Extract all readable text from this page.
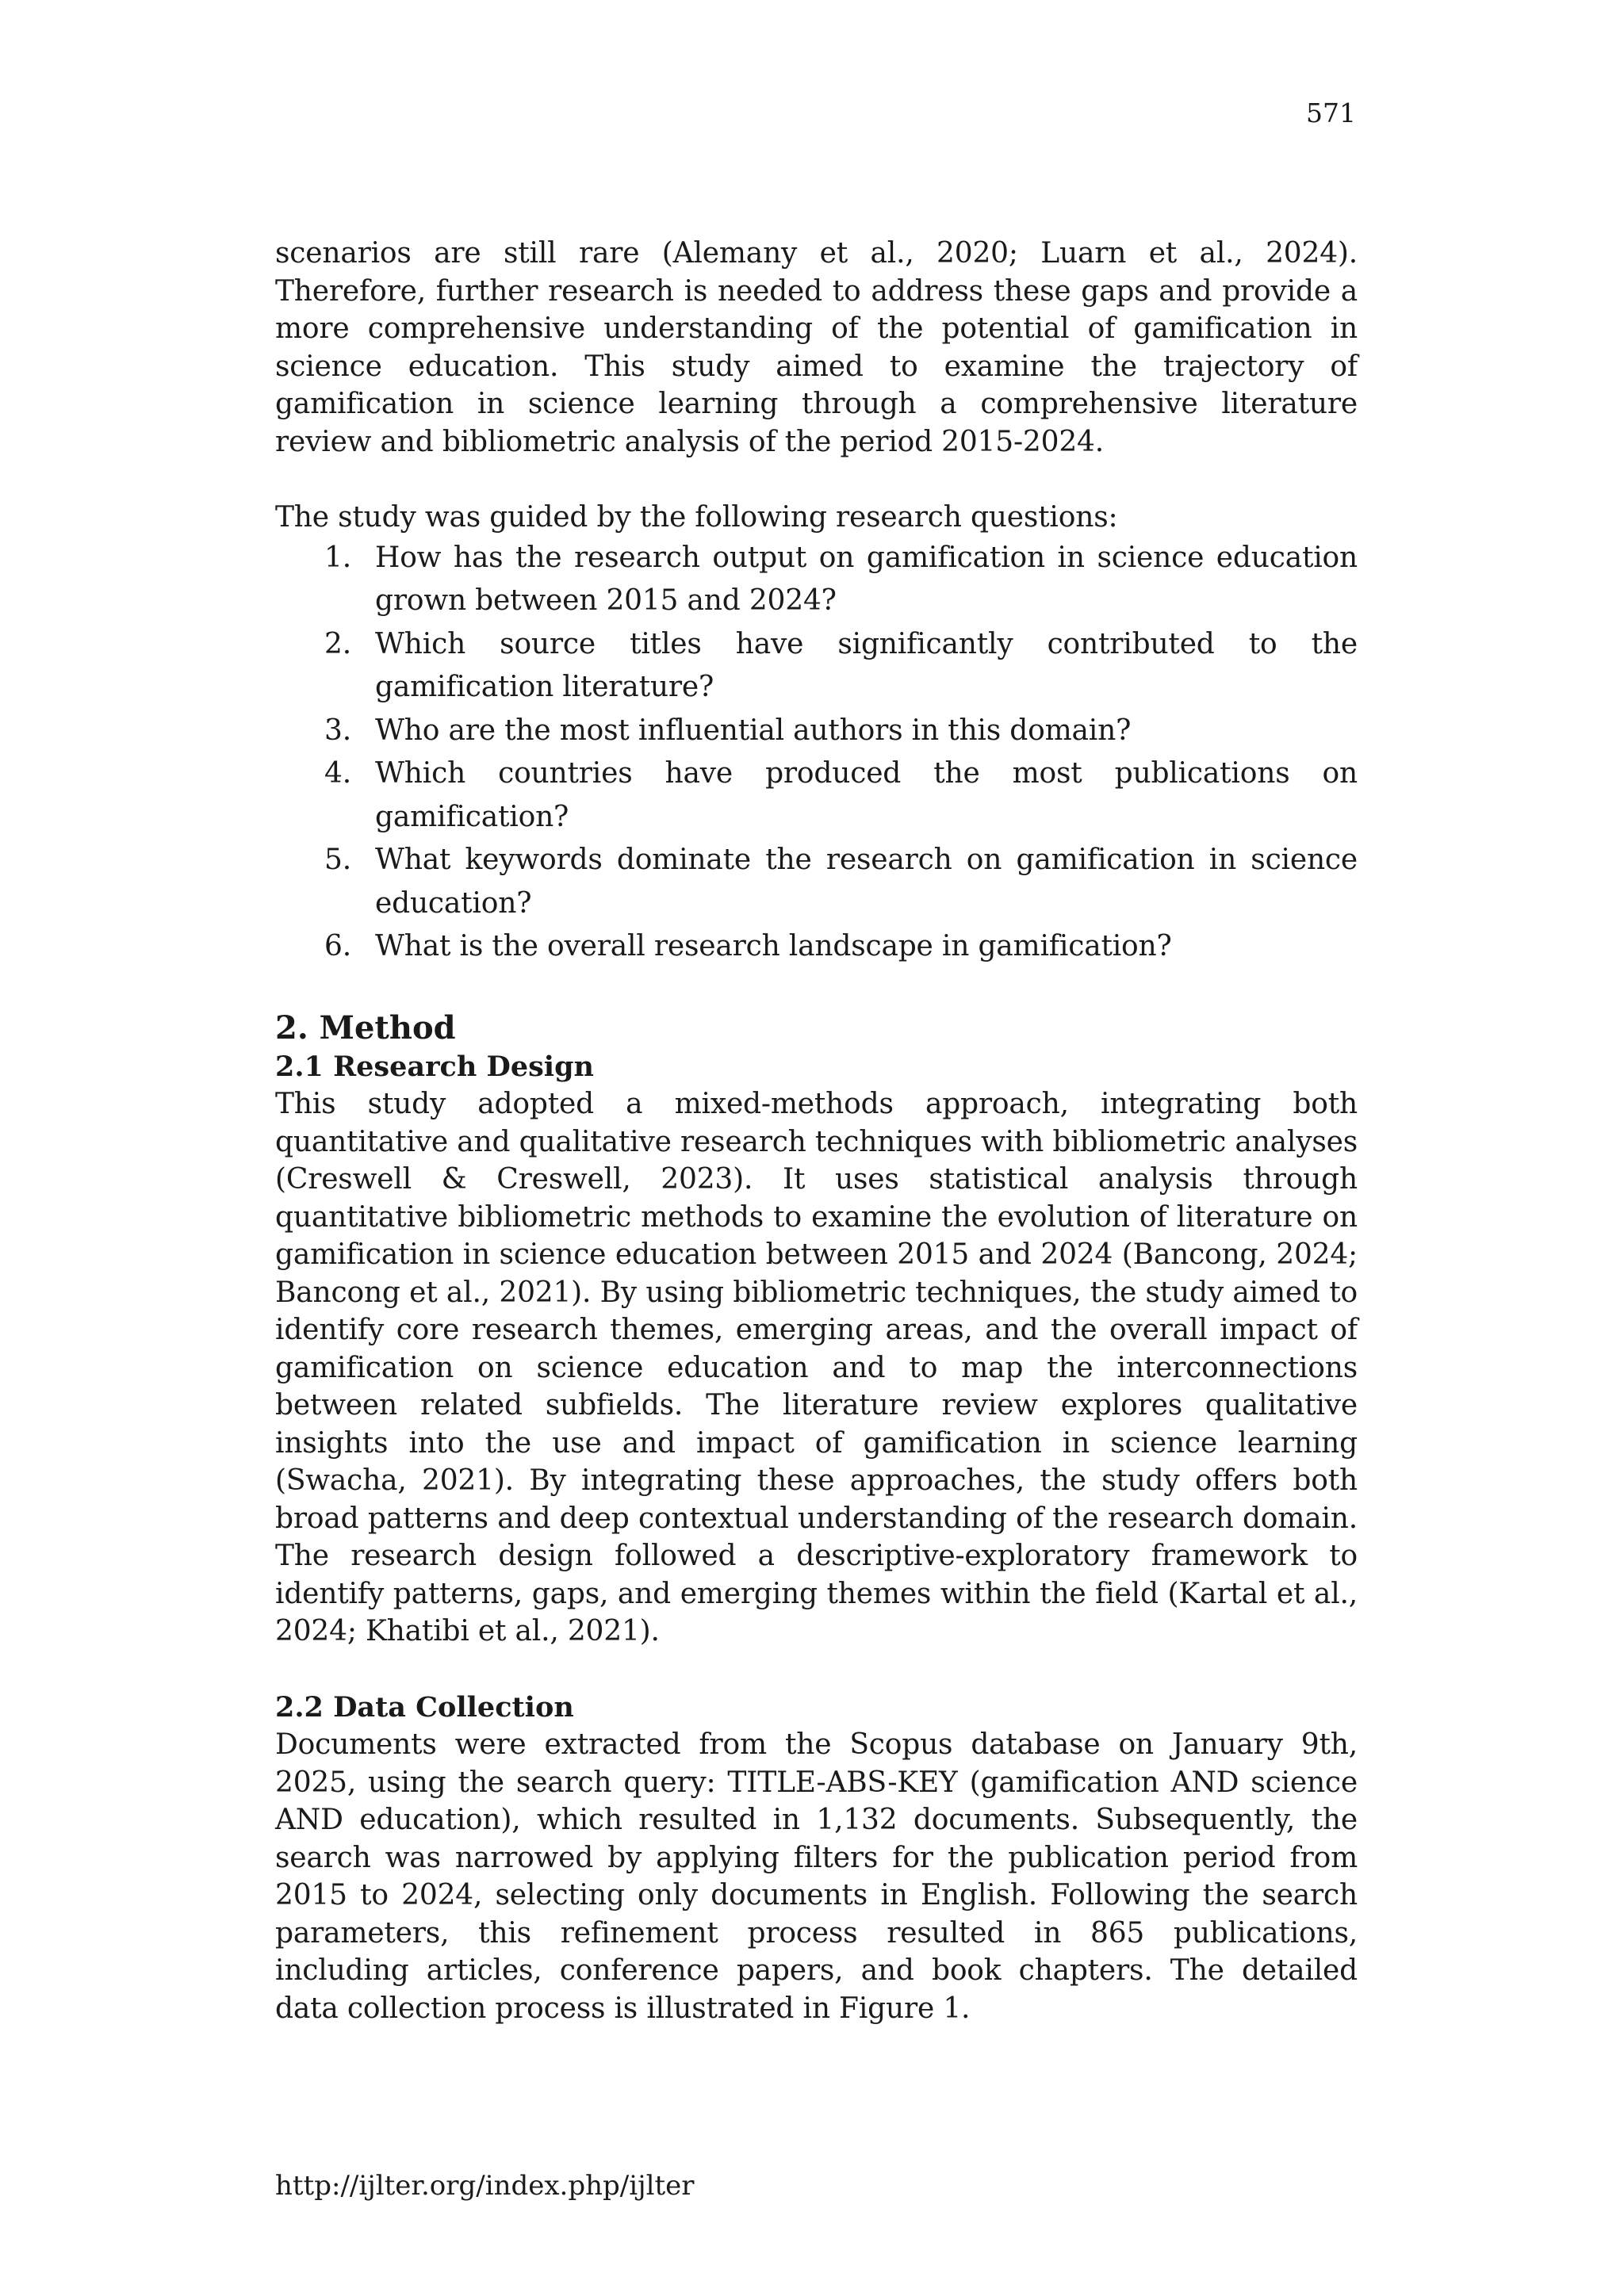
571

scenarios are still rare (Alemany et al., 2020; Luarn et al., 2024). Therefore, further research is needed to address these gaps and provide a more comprehensive understanding of the potential of gamification in science education. This study aimed to examine the trajectory of gamification in science learning through a comprehensive literature review and bibliometric analysis of the period 2015-2024.

The study was guided by the following research questions:

1. How has the research output on gamification in science education grown between 2015 and 2024?
2. Which source titles have significantly contributed to the gamification literature?
3. Who are the most influential authors in this domain?
4. Which countries have produced the most publications on gamification?
5. What keywords dominate the research on gamification in science education?
6. What is the overall research landscape in gamification?
2. Method
2.1 Research Design

This study adopted a mixed-methods approach, integrating both quantitative and qualitative research techniques with bibliometric analyses (Creswell & Creswell, 2023). It uses statistical analysis through quantitative bibliometric methods to examine the evolution of literature on gamification in science education between 2015 and 2024 (Bancong, 2024; Bancong et al., 2021). By using bibliometric techniques, the study aimed to identify core research themes, emerging areas, and the overall impact of gamification on science education and to map the interconnections between related subfields. The literature review explores qualitative insights into the use and impact of gamification in science learning (Swacha, 2021). By integrating these approaches, the study offers both broad patterns and deep contextual understanding of the research domain. The research design followed a descriptive-exploratory framework to identify patterns, gaps, and emerging themes within the field (Kartal et al., 2024; Khatibi et al., 2021).

2.2 Data Collection

Documents were extracted from the Scopus database on January 9th, 2025, using the search query: TITLE-ABS-KEY (gamification AND science AND education), which resulted in 1,132 documents. Subsequently, the search was narrowed by applying filters for the publication period from 2015 to 2024, selecting only documents in English. Following the search parameters, this refinement process resulted in 865 publications, including articles, conference papers, and book chapters. The detailed data collection process is illustrated in Figure 1.

http://ijlter.org/index.php/ijlter
